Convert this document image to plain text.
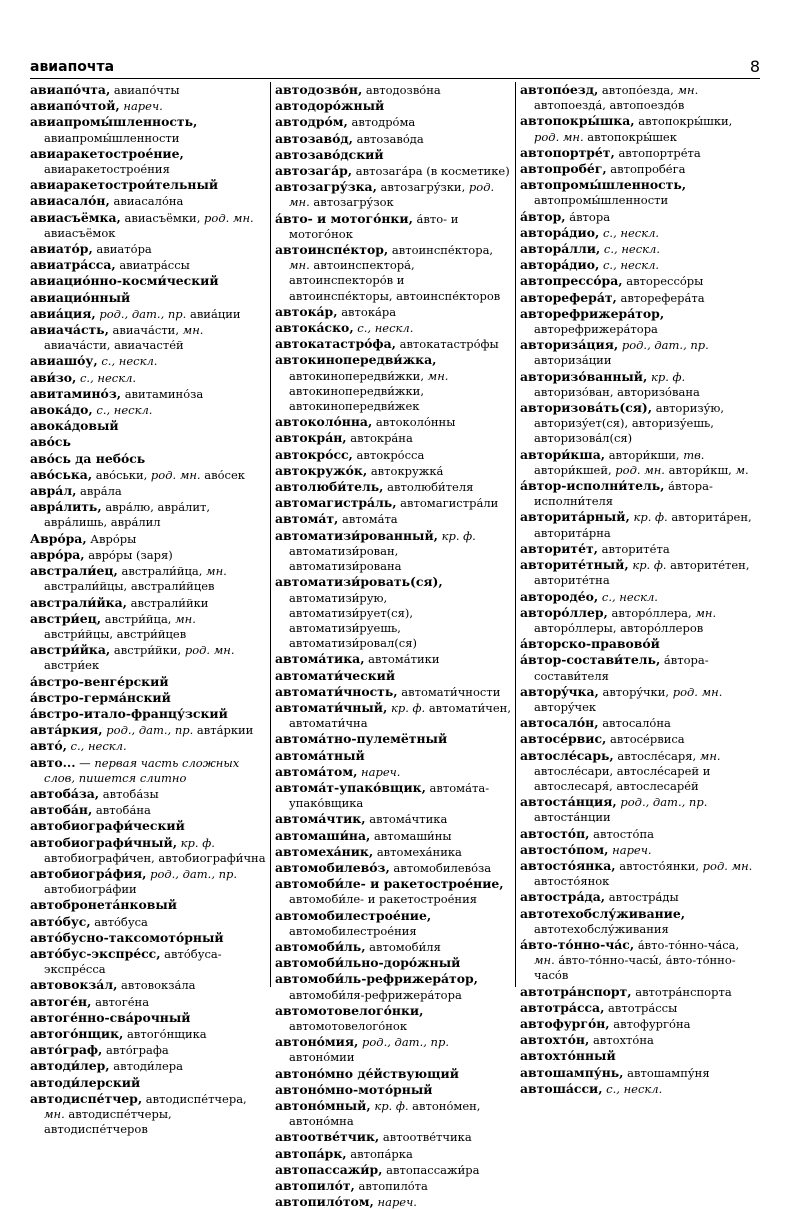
авиапочта	8

авиапо́чта, авиапо́чты

авиапо́чтой, нареч.

авиапромы́шленность, авиапромы́шленности

авиаракетострое́ние, авиаракетострое́ния

авиаракетострои́тельный

авиасало́н, авиасало́на

авиасъёмка, авиасъёмки, род. мн. авиасъёмок

авиато́р, авиато́ра

авиатра́сса, авиатра́ссы

авиацио́нно-косми́ческий

авиацио́нный

авиа́ция, род., дат., пр. авиа́ции

авиача́сть, авиача́сти, мн. авиача́сти, авиачасте́й

авиашо́у, с., нескл.

ави́зо, с., нескл.

авитамино́з, авитамино́за

авока́до, с., нескл.

авока́довый

аво́сь

аво́сь да небо́сь

аво́ська, аво́ськи, род. мн. аво́сек

авра́л, авра́ла

авра́лить, авра́лю, авра́лит, авра́лишь, авра́лил

Авро́ра, Авро́ры

авро́ра, авро́ры (заря)

австрали́ец, австрали́йца, мн. австрали́йцы, австрали́йцев

австрали́йка, австрали́йки

австри́ец, австри́йца, мн. австри́йцы, австри́йцев

австри́йка, австри́йки, род. мн. австри́ек

а́встро-венге́рский

а́встро-герма́нский

а́встро-итало-францу́зский

авта́ркия, род., дат., пр. авта́ркии

авто́, с., нескл.

авто... — первая часть сложных слов, пишется слитно

автоба́за, автоба́зы

автоба́н, автоба́на

автобиографи́ческий

автобиографи́чный, кр. ф. автобиографи́чен, автобиографи́чна

автобиогра́фия, род., дат., пр. автобиогра́фии

автобронета́нковый

авто́бус, авто́буса

авто́бусно-таксомото́рный

авто́бус-экспре́сс, авто́буса-экспре́сса

автовокза́л, автовокза́ла

автоге́н, автоге́на

автоге́нно-сва́рочный

автого́нщик, автого́нщика

авто́граф, авто́графа

автоди́лер, автоди́лера

автоди́лерский

автодиспе́тчер, автодиспе́тчера, мн. автодиспе́тчеры, автодиспе́тчеров

автодозво́н, автодозво́на

автодоро́жный

автодро́м, автодро́ма

автозаво́д, автозаво́да

автозаво́дский

автозага́р, автозага́ра (в косметике)

автозагру́зка, автозагру́зки, род. мн. автозагру́зок

а́вто- и мотого́нки, а́вто- и мотого́нок

автоинспе́ктор, автоинспе́ктора, мн. автоинспектора́, автоинспекторо́в и автоинспе́кторы, автоинспе́кторов

автока́р, автока́ра

автока́ско, с., нескл.

автокатастро́фа, автокатастро́фы

автокинопередви́жка, автокинопередви́жки, мн. автокинопередви́жки, автокинопередви́жек

автоколо́нна, автоколо́нны

автокра́н, автокра́на

автокро́сс, автокро́сса

автокружо́к, автокружка́

автолюби́тель, автолюби́теля

автомагистра́ль, автомагистра́ли

автома́т, автома́та

автоматизи́рованный, кр. ф. автоматизи́рован, автоматизи́рована

автоматизи́ровать(ся), автоматизи́рую, автоматизи́рует(ся), автоматизи́руешь, автоматизи́ровал(ся)

автома́тика, автома́тики

автомати́ческий

автомати́чность, автомати́чности

автомати́чный, кр. ф. автомати́чен, автомати́чна

автома́тно-пулемётный

автома́тный

автома́том, нареч.

автома́т-упако́вщик, автома́та-упако́вщика

автома́чтик, автома́чтика

автомаши́на, автомаши́ны

автомеха́ник, автомеха́ника

автомобилево́з, автомобилево́за

автомоби́ле- и ракетострое́ние, автомоби́ле- и ракетострое́ния

автомобилестрое́ние, автомобилестрое́ния

автомоби́ль, автомоби́ля

автомоби́льно-доро́жный

автомоби́ль-рефрижера́тор, автомоби́ля-рефрижера́тора

автомотовелого́нки, автомотовелого́нок

автоно́мия, род., дат., пр. автоно́мии

автоно́мно де́йствующий

автоно́мно-мото́рный

автоно́мный, кр. ф. автоно́мен, автоно́мна

автоотве́тчик, автоотве́тчика

автопа́рк, автопа́рка

автопассажи́р, автопассажи́ра

автопило́т, автопило́та

автопило́том, нареч.

автопо́езд, автопо́езда, мн. автопоезда́, автопоездо́в

автопокры́шка, автопокры́шки, род. мн. автопокры́шек

автопортре́т, автопортре́та

автопробе́г, автопробе́га

автопромы́шленность, автопромы́шленности

а́втор, а́втора

автора́дио, с., нескл.

автора́лли, с., нескл.

автора́дио, с., нескл.

автопрессо́ра, авторессо́ры

авторефера́т, авторефера́та

авторефрижера́тор, авторефрижера́тора

авториза́ция, род., дат., пр. авториза́ции

авторизо́ванный, кр. ф. авторизо́ван, авторизо́вана

авторизова́ть(ся), авторизу́ю, авторизу́ет(ся), авторизу́ешь, авторизова́л(ся)

автори́кша, автори́кши, тв. автори́кшей, род. мн. автори́кш, м.

а́втор-исполни́тель, а́втора-исполни́теля

авторита́рный, кр. ф. авторита́рен, авторита́рна

авторите́т, авторите́та

авторите́тный, кр. ф. авторите́тен, авторите́тна

автороде́о, с., нескл.

авторо́ллер, авторо́ллера, мн. авторо́ллеры, авторо́ллеров

а́вторско-правово́й

а́втор-состави́тель, а́втора-состави́теля

авторýчка, авторýчки, род. мн. авторýчек

автосало́н, автосало́на

автосе́рвис, автосе́рвиса

автосле́сарь, автосле́саря, мн. автосле́сари, автосле́сарей и автослесаря́, автослесаре́й

автоста́нция, род., дат., пр. автоста́нции

автосто́п, автосто́па

автосто́пом, нареч.

автосто́янка, автосто́янки, род. мн. автосто́янок

автостра́да, автостра́ды

автотехобслу́живание, автотехобслу́живания

а́вто-то́нно-ча́с, а́вто-то́нно-ча́са, мн. а́вто-то́нно-часы́, а́вто-то́нно-часо́в

автотра́нспорт, автотра́нспорта

автотра́сса, автотра́ссы

автофурго́н, автофурго́на

автохто́н, автохто́на

автохто́нный

автошампу́нь, автошампу́ня

автоша́сси, с., нескл.
